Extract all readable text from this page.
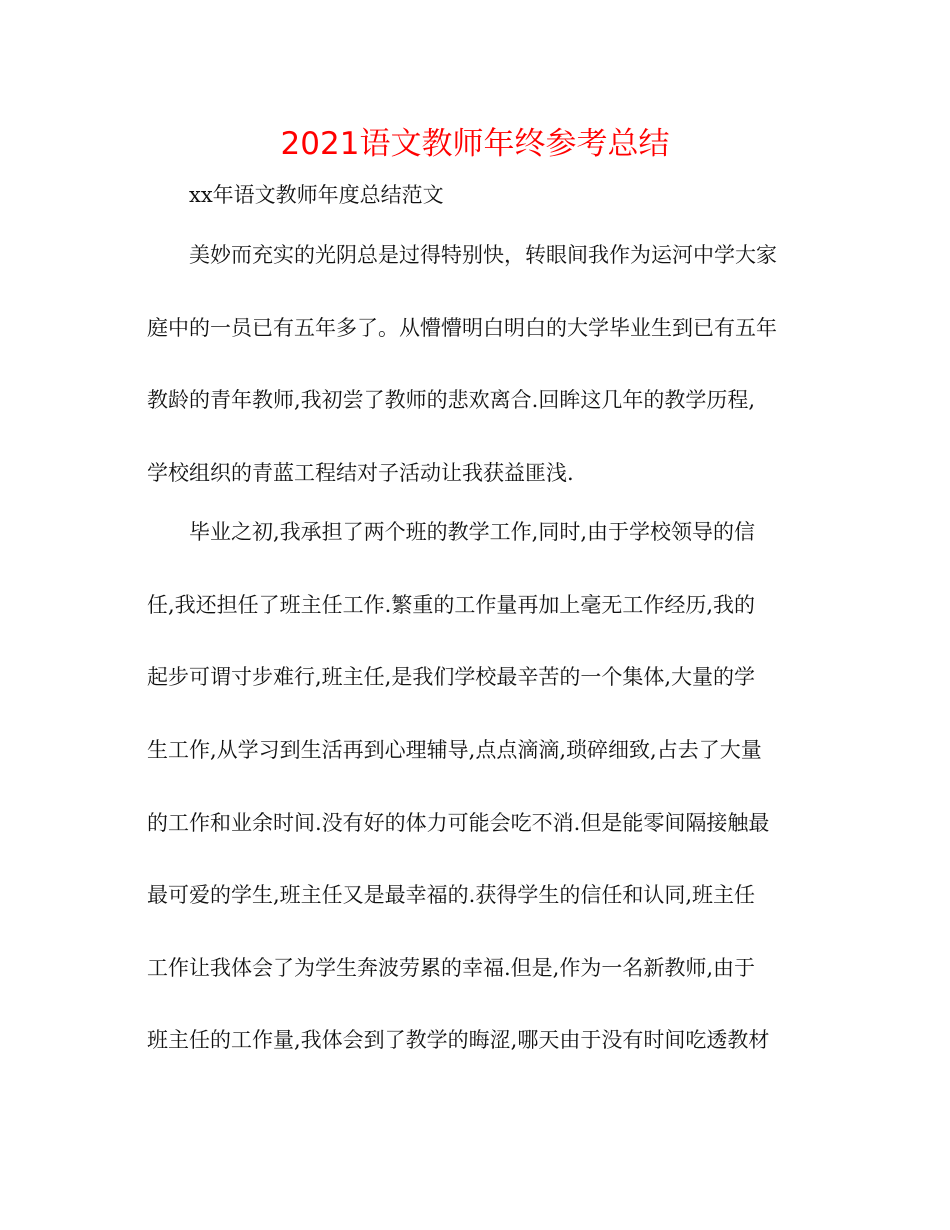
2021语文教师年终参考总结

xx年语文教师年度总结范文

美妙而充实的光阴总是过得特别快，转眼间我作为运河中学大家

庭中的一员已有五年多了。从懵懵明白明白的大学毕业生到已有五年

教龄的青年教师,我初尝了教师的悲欢离合.回眸这几年的教学历程,

学校组织的青蓝工程结对子活动让我获益匪浅.

毕业之初,我承担了两个班的教学工作,同时,由于学校领导的信

任,我还担任了班主任工作.繁重的工作量再加上毫无工作经历,我的

起步可谓寸步难行,班主任,是我们学校最辛苦的一个集体,大量的学

生工作,从学习到生活再到心理辅导,点点滴滴,琐碎细致,占去了大量

的工作和业余时间.没有好的体力可能会吃不消.但是能零间隔接触最

最可爱的学生,班主任又是最幸福的.获得学生的信任和认同,班主任

工作让我体会了为学生奔波劳累的幸福.但是,作为一名新教师,由于

班主任的工作量,我体会到了教学的晦涩,哪天由于没有时间吃透教材
